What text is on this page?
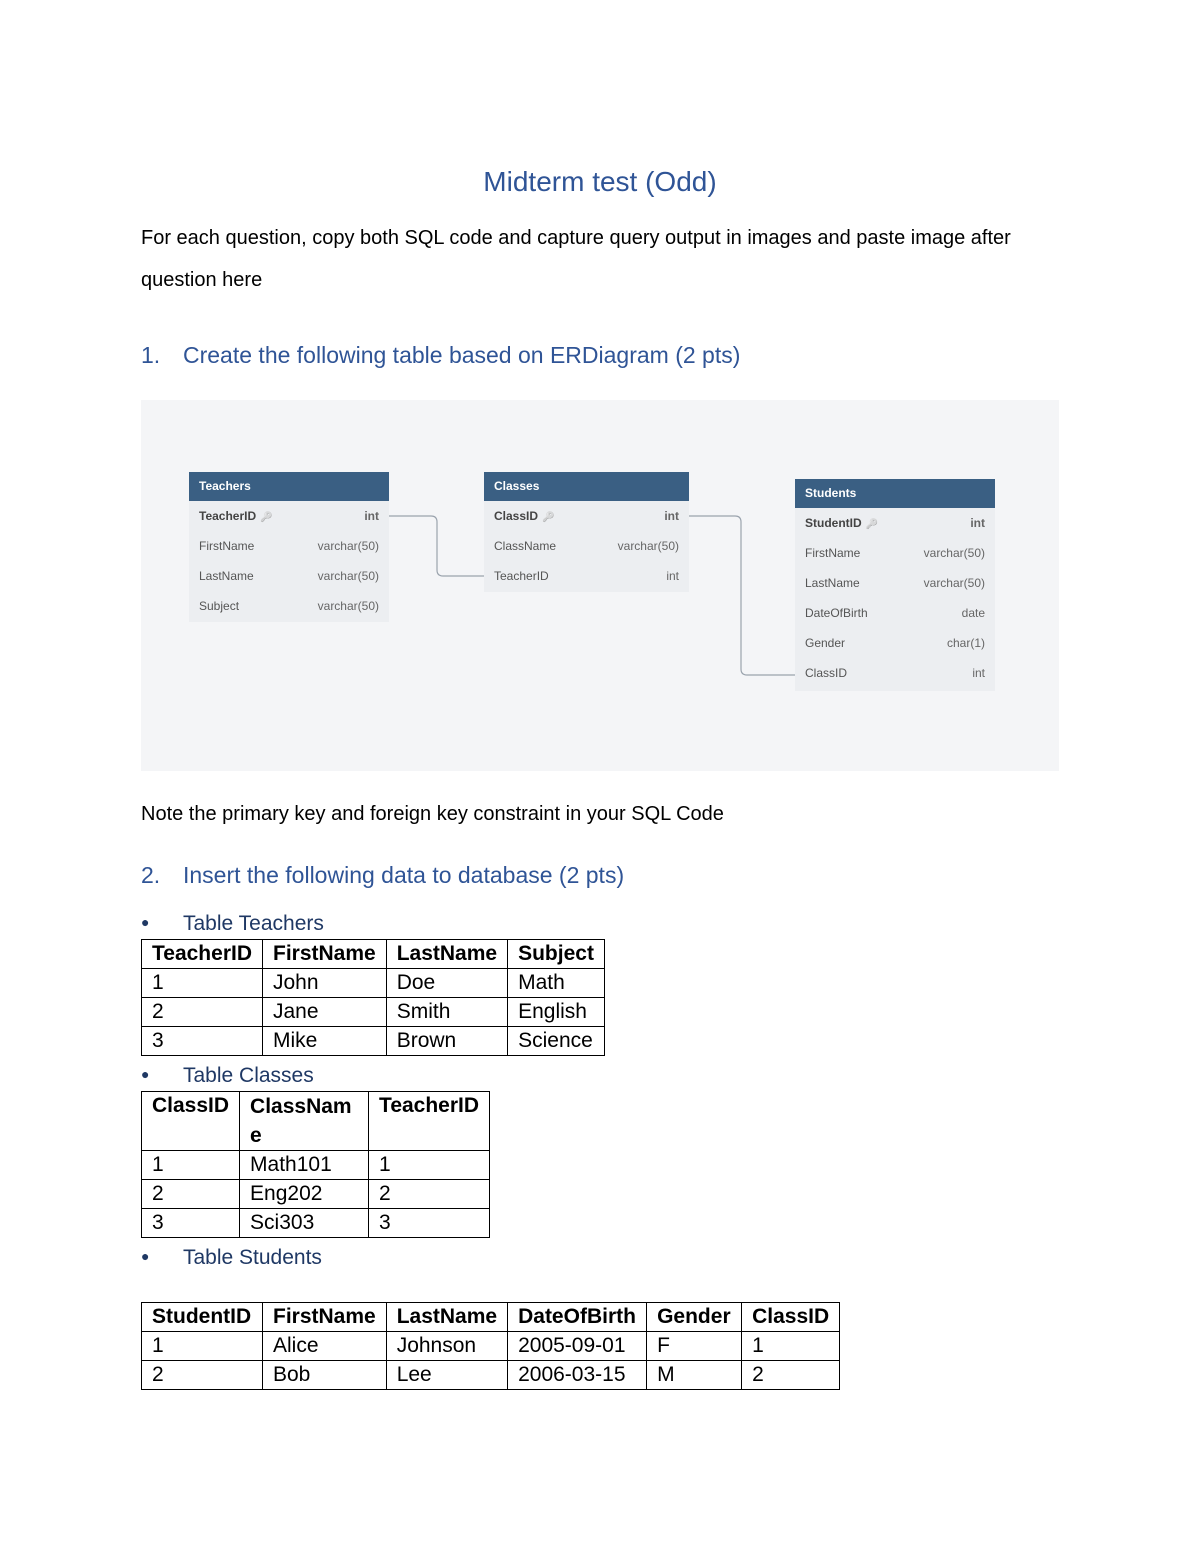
Midterm test (Odd)
For each question, copy both SQL code and capture query output in images and paste image after question here
1. Create the following table based on ERDiagram (2 pts)
Teachers
TeacherID 🔑	int
FirstName	varchar(50)
LastName	varchar(50)
Subject	varchar(50)
Classes
ClassID 🔑	int
ClassName	varchar(50)
TeacherID	int
Students
StudentID 🔑	int
FirstName	varchar(50)
LastName	varchar(50)
DateOfBirth	date
Gender	char(1)
ClassID	int
Note the primary key and foreign key constraint in your SQL Code
2. Insert the following data to database (2 pts)
● Table Teachers
TeacherID	FirstName	LastName	Subject
1	John	Doe	Math
2	Jane	Smith	English
3	Mike	Brown	Science
● Table Classes
ClassID	ClassNam e	TeacherID
1	Math101	1
2	Eng202	2
3	Sci303	3
● Table Students
StudentID	FirstName	LastName	DateOfBirth	Gender	ClassID
1	Alice	Johnson	2005-09-01	F	1
2	Bob	Lee	2006-03-15	M	2
